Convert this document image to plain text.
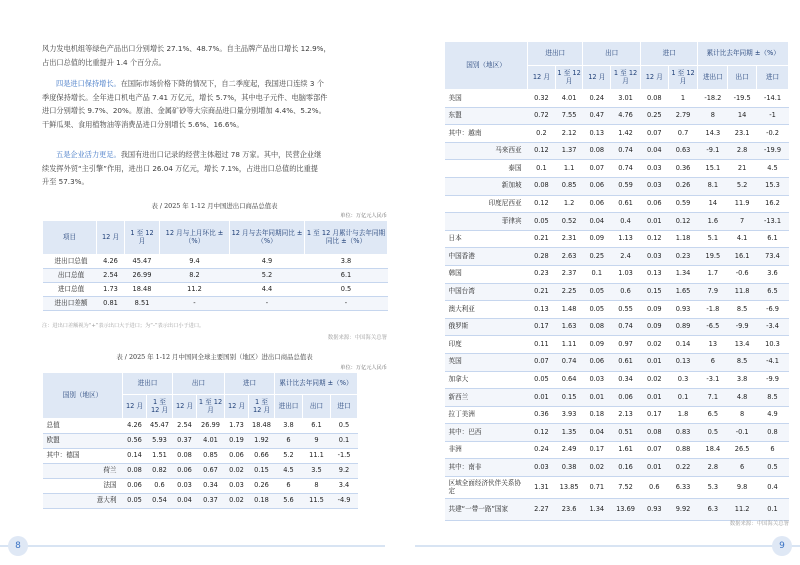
风力发电机组等绿色产品出口分别增长 27.1%、48.7%。自主品牌产品出口增长 12.9%，
占出口总值的比重提升 1.4 个百分点。
四是进口保持增长。在国际市场价格下降的情况下，自二季度起，我国进口连续 3 个
季度保持增长。全年进口机电产品 7.41 万亿元，增长 5.7%，其中电子元件、电脑零部件
进口分别增长 9.7%、20%。原油、金属矿砂等大宗商品进口量分别增加 4.4%、5.2%。
干鲜瓜果、食用植物油等消费品进口分别增长 5.6%、16.6%。
五是企业活力更足。我国有进出口记录的经营主体超过 78 万家。其中，民营企业继
续发挥外贸“主引擎”作用，进出口 26.04 万亿元，增长 7.1%，占进出口总值的比重提
升至 57.3%。
表 / 2025 年 1-12 月中国进出口商品总值表
单位：万亿元人民币
项目	12 月	1 至 12 月	12 月与上月环比 ±（%）	12 月与去年同期同比 ±（%）	1 至 12 月累计与去年同期同比 ±（%）
进出口总值	4.26	45.47	9.4	4.9	3.8
出口总值	2.54	26.99	8.2	5.2	6.1
进口总值	1.73	18.48	11.2	4.4	0.5
进出口差额	0.81	8.51	-	-	-
注：进出口差额视为“+”表示出口大于进口；为“-”表示出口小于进口。
数据来源：中国海关总署
表 / 2025 年 1-12 月中国同全球主要国别（地区）进出口商品总值表
单位：万亿元人民币
国别（地区）	进出口		出口		进口		累计比去年同期 ±（%）		
	12 月	1 至 12 月	12 月	1 至 12 月	12 月	1 至 12 月	进出口	出口	进口
总值	4.26	45.47	2.54	26.99	1.73	18.48	3.8	6.1	0.5
欧盟	0.56	5.93	0.37	4.01	0.19	1.92	6	9	0.1
其中：德国	0.14	1.51	0.08	0.85	0.06	0.66	5.2	11.1	-1.5
荷兰	0.08	0.82	0.06	0.67	0.02	0.15	4.5	3.5	9.2
法国	0.06	0.6	0.03	0.34	0.03	0.26	6	8	3.4
意大利	0.05	0.54	0.04	0.37	0.02	0.18	5.6	11.5	-4.9
8
国别（地区）	进出口		出口		进口		累计比去年同期 ±（%）		
	12 月	1 至 12 月	12 月	1 至 12 月	12 月	1 至 12 月	进出口	出口	进口
美国	0.32	4.01	0.24	3.01	0.08	1	-18.2	-19.5	-14.1
东盟	0.72	7.55	0.47	4.76	0.25	2.79	8	14	-1
其中：越南	0.2	2.12	0.13	1.42	0.07	0.7	14.3	23.1	-0.2
马来西亚	0.12	1.37	0.08	0.74	0.04	0.63	-9.1	2.8	-19.9
泰国	0.1	1.1	0.07	0.74	0.03	0.36	15.1	21	4.5
新加坡	0.08	0.85	0.06	0.59	0.03	0.26	8.1	5.2	15.3
印度尼西亚	0.12	1.2	0.06	0.61	0.06	0.59	14	11.9	16.2
菲律宾	0.05	0.52	0.04	0.4	0.01	0.12	1.6	7	-13.1
日本	0.21	2.31	0.09	1.13	0.12	1.18	5.1	4.1	6.1
中国香港	0.28	2.63	0.25	2.4	0.03	0.23	19.5	16.1	73.4
韩国	0.23	2.37	0.1	1.03	0.13	1.34	1.7	-0.6	3.6
中国台湾	0.21	2.25	0.05	0.6	0.15	1.65	7.9	11.8	6.5
澳大利亚	0.13	1.48	0.05	0.55	0.09	0.93	-1.8	8.5	-6.9
俄罗斯	0.17	1.63	0.08	0.74	0.09	0.89	-6.5	-9.9	-3.4
印度	0.11	1.11	0.09	0.97	0.02	0.14	13	13.4	10.3
英国	0.07	0.74	0.06	0.61	0.01	0.13	6	8.5	-4.1
加拿大	0.05	0.64	0.03	0.34	0.02	0.3	-3.1	3.8	-9.9
新西兰	0.01	0.15	0.01	0.06	0.01	0.1	7.1	4.8	8.5
拉丁美洲	0.36	3.93	0.18	2.13	0.17	1.8	6.5	8	4.9
其中：巴西	0.12	1.35	0.04	0.51	0.08	0.83	0.5	-0.1	0.8
非洲	0.24	2.49	0.17	1.61	0.07	0.88	18.4	26.5	6
其中：南非	0.03	0.38	0.02	0.16	0.01	0.22	2.8	6	0.5
区域全面经济伙伴关系协定	1.31	13.85	0.71	7.52	0.6	6.33	5.3	9.8	0.4
共建“一带一路”国家	2.27	23.6	1.34	13.69	0.93	9.92	6.3	11.2	0.1
数据来源：中国海关总署
9
